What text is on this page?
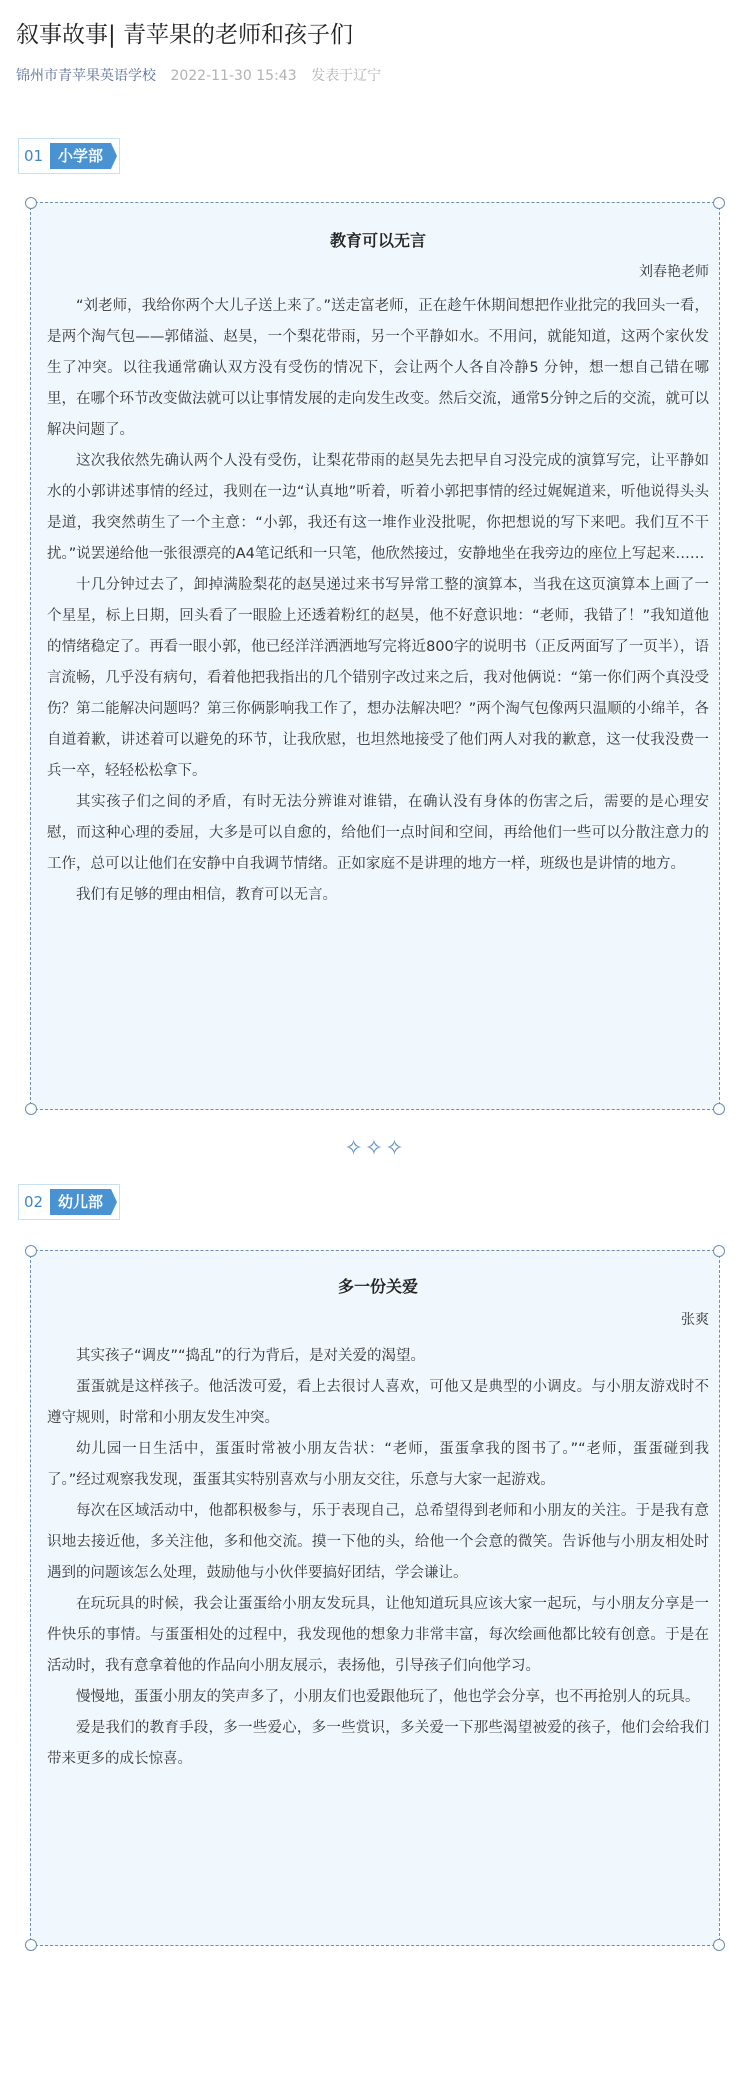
叙事故事| 青苹果的老师和孩子们
锦州市青苹果英语学校 2022-11-30 15:43 发表于辽宁
01 小学部
教育可以无言
刘春艳老师

“刘老师，我给你两个大儿子送上来了。”送走富老师，正在趁午休期间想把作业批完的我回头一看，是两个淘气包——郭储溢、赵昊，一个梨花带雨，另一个平静如水。不用问，就能知道，这两个家伙发生了冲突。以往我通常确认双方没有受伤的情况下，会让两个人各自冷静5 分钟，想一想自己错在哪里，在哪个环节改变做法就可以让事情发展的走向发生改变。然后交流，通常5分钟之后的交流，就可以解决问题了。

这次我依然先确认两个人没有受伤，让梨花带雨的赵昊先去把早自习没完成的演算写完，让平静如水的小郭讲述事情的经过，我则在一边“认真地”听着，听着小郭把事情的经过娓娓道来，听他说得头头是道，我突然萌生了一个主意：“小郭，我还有这一堆作业没批呢，你把想说的写下来吧。我们互不干扰。”说罢递给他一张很漂亮的A4笔记纸和一只笔，他欣然接过，安静地坐在我旁边的座位上写起来……

十几分钟过去了，卸掉满脸梨花的赵昊递过来书写异常工整的演算本，当我在这页演算本上画了一个星星，标上日期，回头看了一眼脸上还透着粉红的赵昊，他不好意识地：“老师，我错了！”我知道他的情绪稳定了。再看一眼小郭，他已经洋洋洒洒地写完将近800字的说明书（正反两面写了一页半），语言流畅，几乎没有病句，看着他把我指出的几个错别字改过来之后，我对他俩说：“第一你们两个真没受伤？第二能解决问题吗？第三你俩影响我工作了，想办法解决吧？”两个淘气包像两只温顺的小绵羊，各自道着歉，讲述着可以避免的环节，让我欣慰，也坦然地接受了他们两人对我的歉意，这一仗我没费一兵一卒，轻轻松松拿下。

其实孩子们之间的矛盾，有时无法分辨谁对谁错，在确认没有身体的伤害之后，需要的是心理安慰，而这种心理的委屈，大多是可以自愈的，给他们一点时间和空间，再给他们一些可以分散注意力的工作，总可以让他们在安静中自我调节情绪。正如家庭不是讲理的地方一样，班级也是讲情的地方。

我们有足够的理由相信，教育可以无言。

✧✧✧
02 幼儿部
多一份关爱
张爽

其实孩子“调皮”“捣乱”的行为背后，是对关爱的渴望。

蛋蛋就是这样孩子。他活泼可爱，看上去很讨人喜欢，可他又是典型的小调皮。与小朋友游戏时不遵守规则，时常和小朋友发生冲突。

幼儿园一日生活中，蛋蛋时常被小朋友告状：“老师，蛋蛋拿我的图书了。”“老师，蛋蛋碰到我了。”经过观察我发现，蛋蛋其实特别喜欢与小朋友交往，乐意与大家一起游戏。

每次在区域活动中，他都积极参与，乐于表现自己，总希望得到老师和小朋友的关注。于是我有意识地去接近他，多关注他，多和他交流。摸一下他的头，给他一个会意的微笑。告诉他与小朋友相处时遇到的问题该怎么处理，鼓励他与小伙伴要搞好团结，学会谦让。

在玩玩具的时候，我会让蛋蛋给小朋友发玩具，让他知道玩具应该大家一起玩，与小朋友分享是一件快乐的事情。与蛋蛋相处的过程中，我发现他的想象力非常丰富，每次绘画他都比较有创意。于是在活动时，我有意拿着他的作品向小朋友展示，表扬他，引导孩子们向他学习。

慢慢地，蛋蛋小朋友的笑声多了，小朋友们也爱跟他玩了，他也学会分享，也不再抢别人的玩具。

爱是我们的教育手段，多一些爱心，多一些赏识，多关爱一下那些渴望被爱的孩子，他们会给我们带来更多的成长惊喜。
